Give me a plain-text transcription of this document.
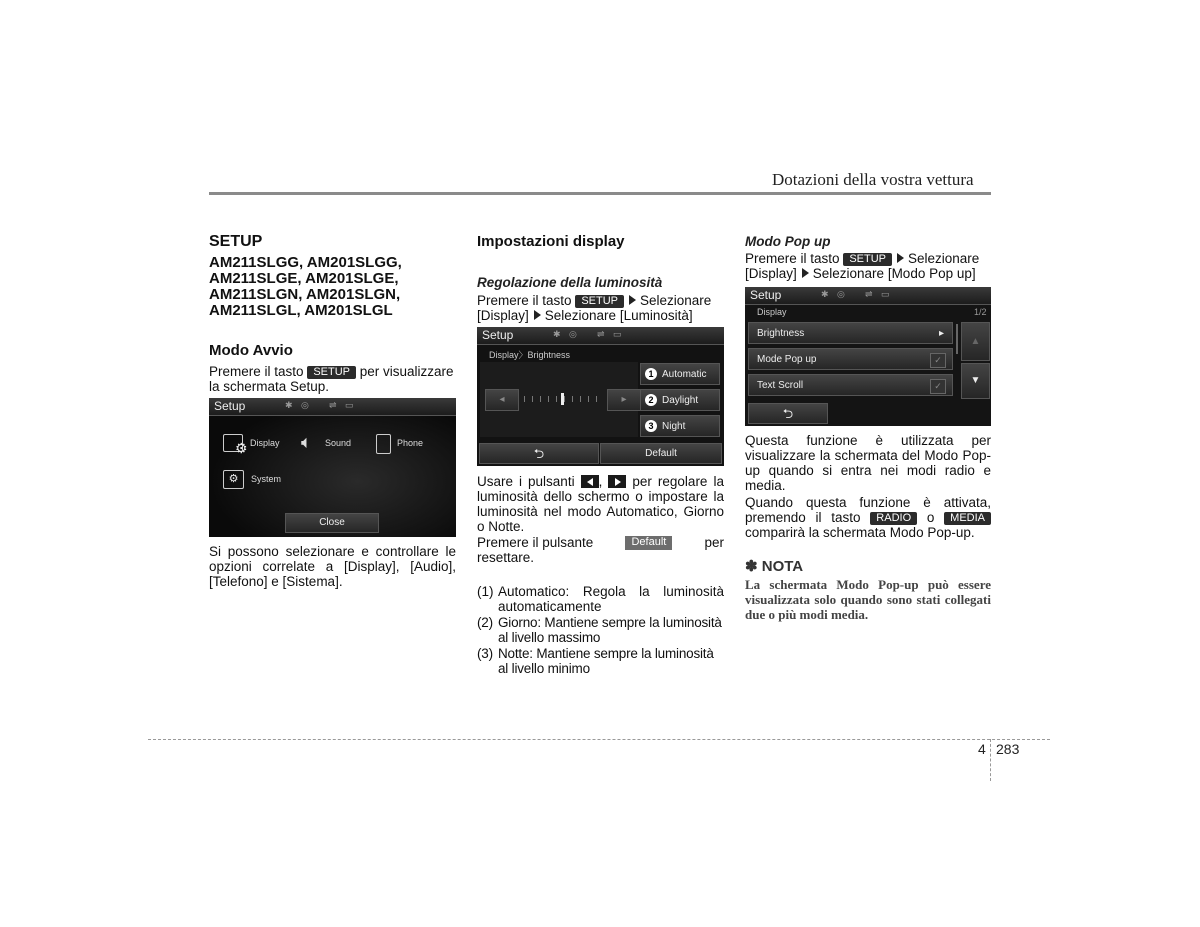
Dotazioni della vostra vettura
SETUP
AM211SLGG, AM201SLGG,
AM211SLGE, AM201SLGE,
AM211SLGN, AM201SLGN,
AM211SLGL, AM201SLGL
Modo Avvio
Premere il tasto SETUP per visualizzare
la schermata Setup.
Setup	✱ ◎ ⇌ ▭
⚙ Display 🔈︎ Sound	Phone
⚙	System
Close
Si possono selezionare e controllare le opzioni correlate a [Display], [Audio], [Telefono] e [Sistema].
Impostazioni display
Regolazione della luminosità
Premere il tasto SETUP Selezionare
[Display] Selezionare [Luminosità]
Setup	✱ ◎ ⇌ ▭
Display〉Brightness
◂	▸
1 Automatic
2 Daylight
3 Night
⮌	Default
Usare i pulsanti , per regolare la luminosità dello schermo o impostare la luminosità nel modo Automatico, Giorno o Notte.
Premere il pulsante	Default	per
resettare.
(1) Automatico: Regola la luminosità automaticamente
(2) Giorno: Mantiene sempre la luminosità al livello massimo
(3) Notte: Mantiene sempre la luminosità al livello minimo
Modo Pop up
Premere il tasto SETUP Selezionare
[Display] Selezionare [Modo Pop up]
Setup	✱ ◎ ⇌ ▭
Display	1/2
Brightness	▸
Mode Pop up	✓
Text Scroll	✓
▲
▼
⮌
Questa funzione è utilizzata per visualizzare la schermata del Modo Pop-up quando si entra nei modi radio e media.
Quando questa funzione è attivata, premendo il tasto RADIO o MEDIA comparirà la schermata Modo Pop-up.
✽ NOTA
La schermata Modo Pop-up può essere visualizzata solo quando sono stati collegati due o più modi media.
4 283
